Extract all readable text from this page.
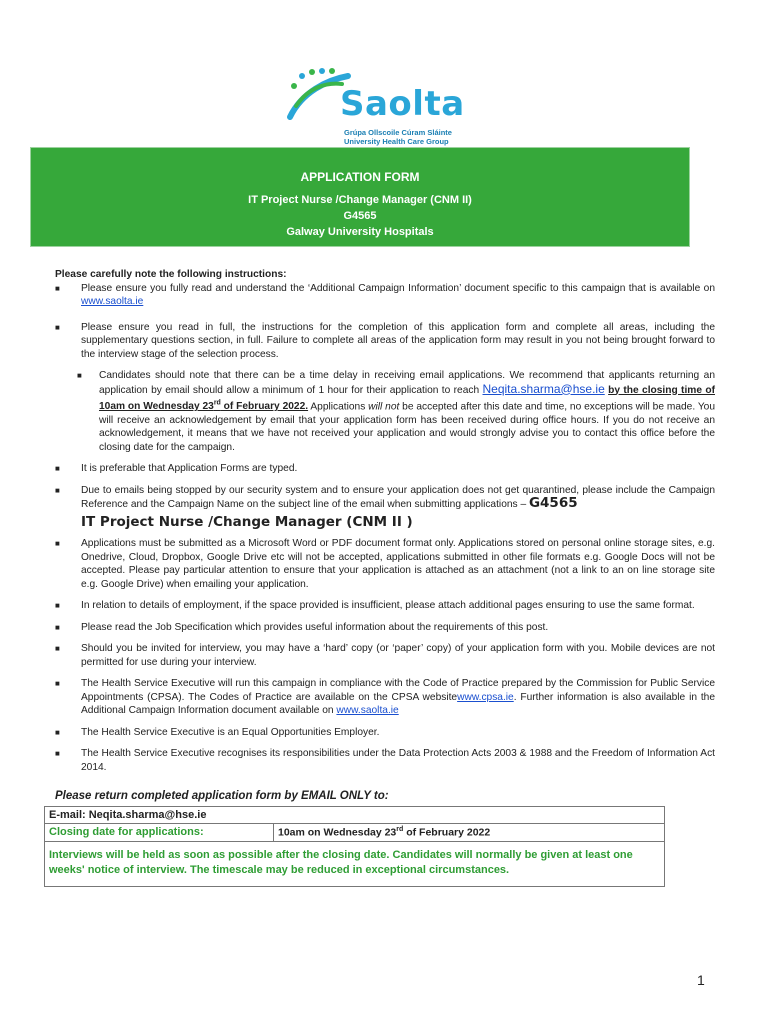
Saolta
Grúpa Ollscoile Cúram Sláinte
University Health Care Group
APPLICATION FORM
IT Project Nurse /Change Manager (CNM II)
G4565
Galway University Hospitals
Please carefully note the following instructions:
■ Please ensure you fully read and understand the ‘Additional Campaign Information’ document specific to this campaign that is available on www.saolta.ie
■ Please ensure you read in full, the instructions for the completion of this application form and complete all areas, including the supplementary questions section, in full. Failure to complete all areas of the application form may result in you not being brought forward to the interview stage of the selection process.
■ Candidates should note that there can be a time delay in receiving email applications. We recommend that applicants returning an application by email should allow a minimum of 1 hour for their application to reach Neqita.sharma@hse.ie by the closing time of 10am on Wednesday 23rd of February 2022. Applications will not be accepted after this date and time, no exceptions will be made. You will receive an acknowledgement by email that your application form has been received during office hours. If you do not receive an acknowledgement, it means that we have not received your application and would strongly advise you to contact this office before the closing date for the campaign.
■ It is preferable that Application Forms are typed.
■ Due to emails being stopped by our security system and to ensure your application does not get quarantined, please include the Campaign Reference and the Campaign Name on the subject line of the email when submitting applications – G4565
IT Project Nurse /Change Manager (CNM II )
■ Applications must be submitted as a Microsoft Word or PDF document format only. Applications stored on personal online storage sites, e.g. Onedrive, Cloud, Dropbox, Google Drive etc will not be accepted, applications submitted in other file formats e.g. Google Docs will not be accepted. Please pay particular attention to ensure that your application is attached as an attachment (not a link to an on line storage site e.g. Google Drive) when emailing your application.
■ In relation to details of employment, if the space provided is insufficient, please attach additional pages ensuring to use the same format.
■ Please read the Job Specification which provides useful information about the requirements of this post.
■ Should you be invited for interview, you may have a ‘hard’ copy (or ‘paper’ copy) of your application form with you. Mobile devices are not permitted for use during your interview.
■ The Health Service Executive will run this campaign in compliance with the Code of Practice prepared by the Commission for Public Service Appointments (CPSA). The Codes of Practice are available on the CPSA websitewww.cpsa.ie. Further information is also available in the Additional Campaign Information document available on www.saolta.ie
■ The Health Service Executive is an Equal Opportunities Employer.
■ The Health Service Executive recognises its responsibilities under the Data Protection Acts 2003 & 1988 and the Freedom of Information Act 2014.
Please return completed application form by EMAIL ONLY to:
E-mail: Neqita.sharma@hse.ie
Closing date for applications:	10am on Wednesday 23rd of February 2022
Interviews will be held as soon as possible after the closing date. Candidates will normally be given at least one weeks' notice of interview. The timescale may be reduced in exceptional circumstances.
1
